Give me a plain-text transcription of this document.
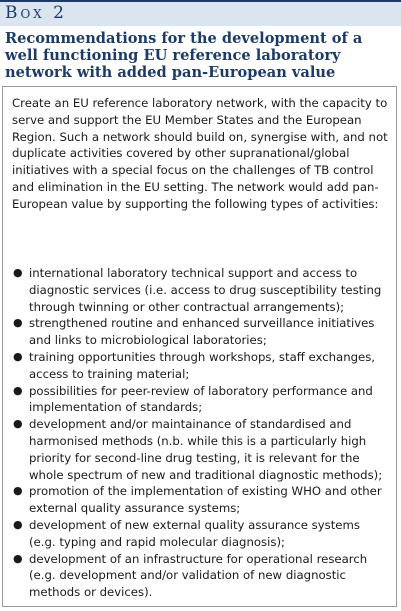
Box 2
Recommendations for the development of a well functioning EU reference laboratory network with added pan-European value
Create an EU reference laboratory network, with the capacity to serve and support the EU Member States and the European Region. Such a network should build on, synergise with, and not duplicate activities covered by other supranational/global initiatives with a special focus on the challenges of TB control and elimination in the EU setting. The network would add pan-European value by supporting the following types of activities:
● international laboratory technical support and access to diagnostic services (i.e. access to drug susceptibility testing through twinning or other contractual arrangements);
● strengthened routine and enhanced surveillance initiatives and links to microbiological laboratories;
● training opportunities through workshops, staff exchanges, access to training material;
● possibilities for peer-review of laboratory performance and implementation of standards;
● development and/or maintainance of standardised and harmonised methods (n.b. while this is a particularly high priority for second-line drug testing, it is relevant for the whole spectrum of new and traditional diagnostic methods);
● promotion of the implementation of existing WHO and other external quality assurance systems;
● development of new external quality assurance systems (e.g. typing and rapid molecular diagnosis);
● development of an infrastructure for operational research (e.g. development and/or validation of new diagnostic methods or devices).
